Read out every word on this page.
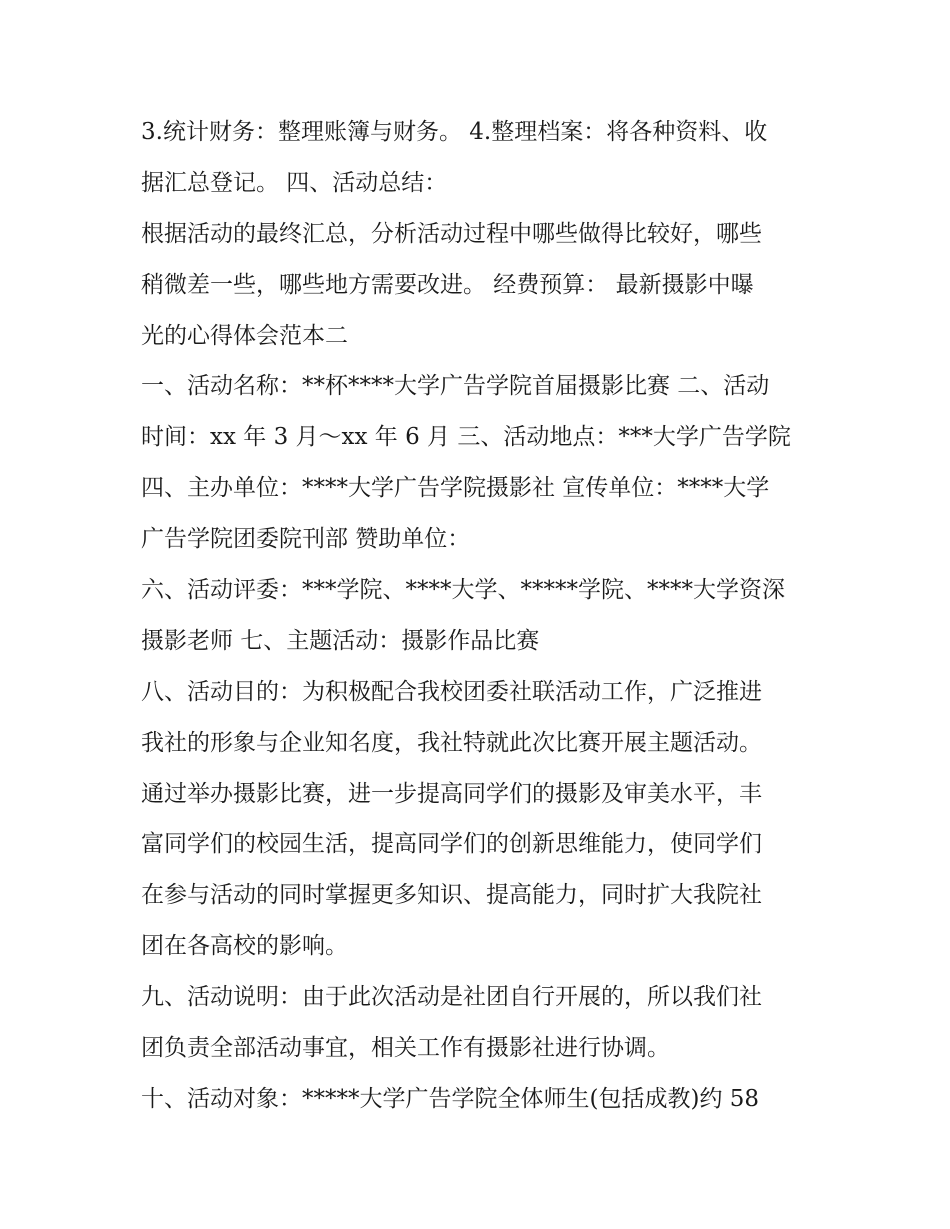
3.统计财务：整理账簿与财务。 4.整理档案：将各种资料、收
据汇总登记。 四、活动总结：
根据活动的最终汇总，分析活动过程中哪些做得比较好，哪些
稍微差一些，哪些地方需要改进。 经费预算： 最新摄影中曝
光的心得体会范本二
一、活动名称：**杯****大学广告学院首届摄影比赛 二、活动
时间：xx 年 3 月～xx 年 6 月 三、活动地点：***大学广告学院
四、主办单位：****大学广告学院摄影社 宣传单位：****大学
广告学院团委院刊部 赞助单位：
六、活动评委：***学院、****大学、*****学院、****大学资深
摄影老师 七、主题活动：摄影作品比赛
八、活动目的：为积极配合我校团委社联活动工作，广泛推进
我社的形象与企业知名度，我社特就此次比赛开展主题活动。
通过举办摄影比赛，进一步提高同学们的摄影及审美水平，丰
富同学们的校园生活，提高同学们的创新思维能力，使同学们
在参与活动的同时掌握更多知识、提高能力，同时扩大我院社
团在各高校的影响。
九、活动说明：由于此次活动是社团自行开展的，所以我们社
团负责全部活动事宜，相关工作有摄影社进行协调。
十、活动对象：*****大学广告学院全体师生(包括成教)约 58
